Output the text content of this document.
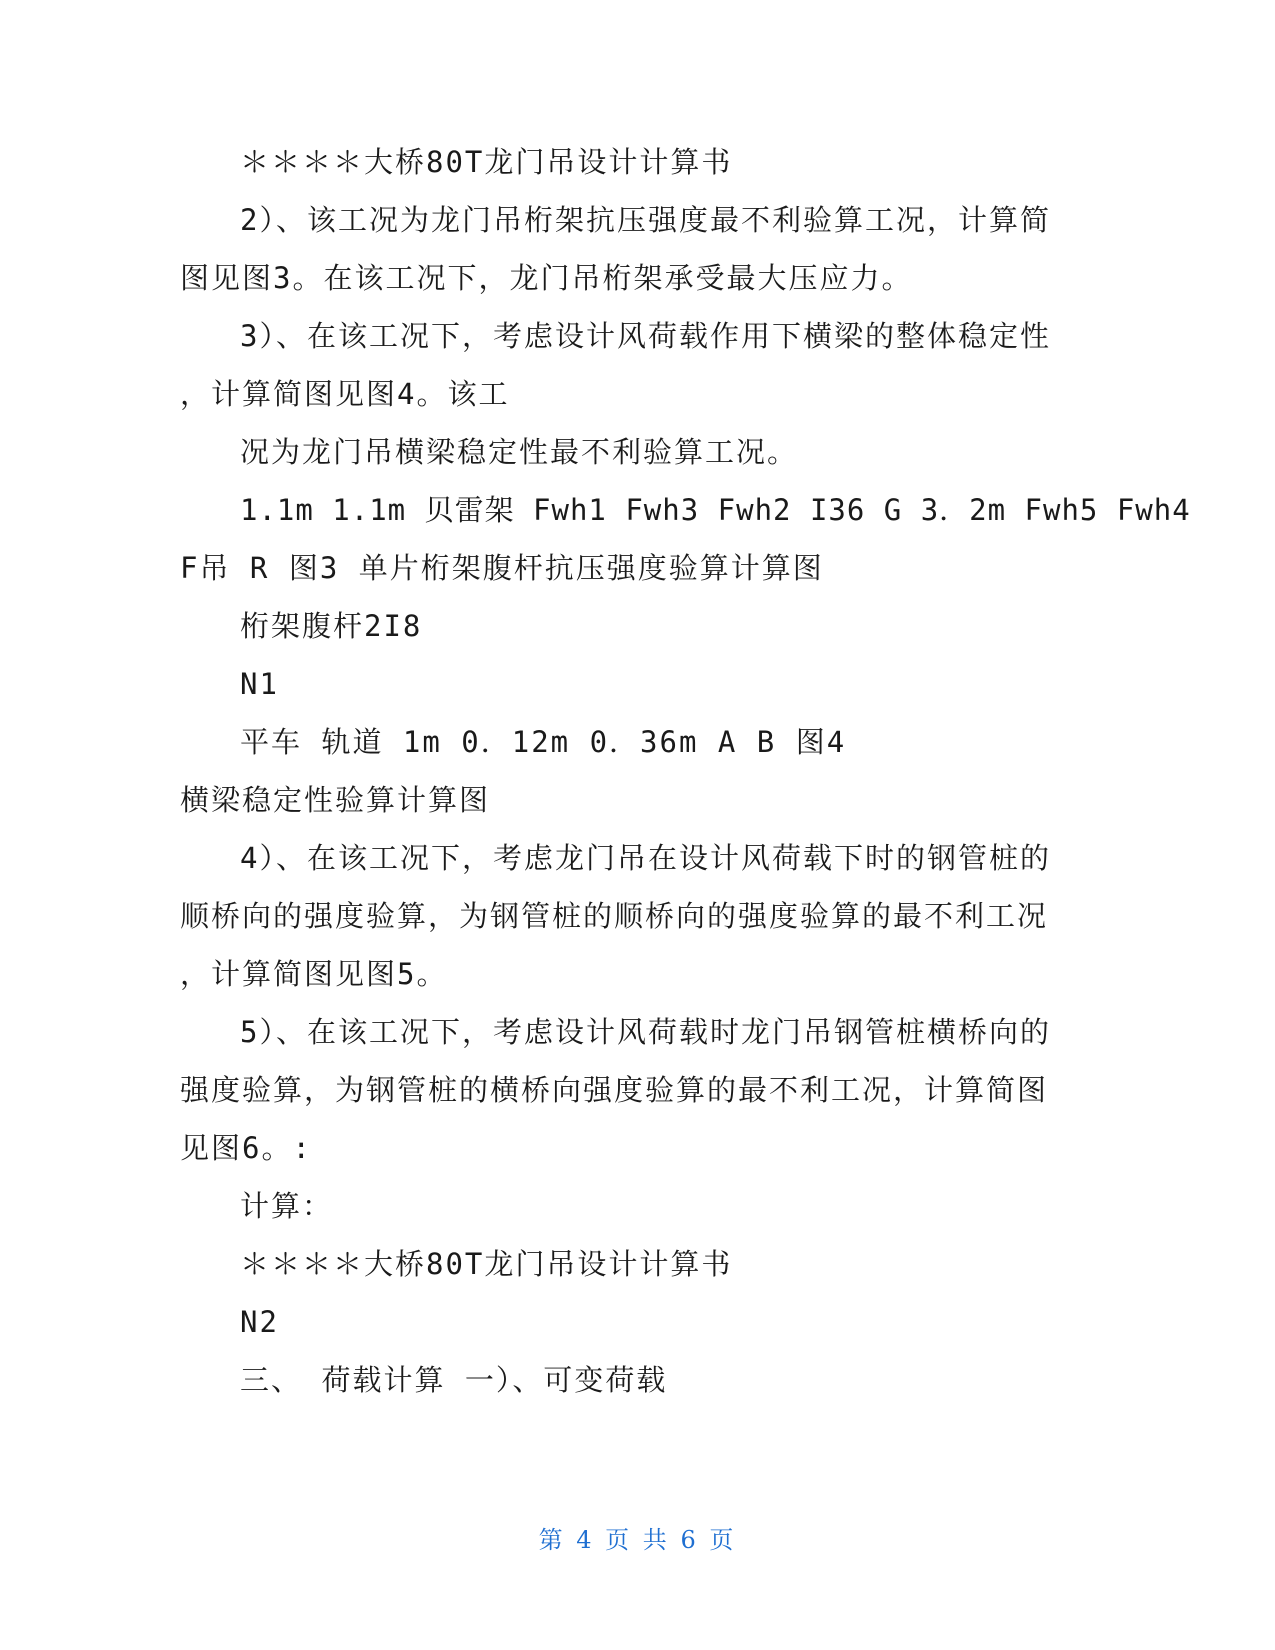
＊＊＊＊大桥80T龙门吊设计计算书
2）、该工况为龙门吊桁架抗压强度最不利验算工况，计算简
图见图3。在该工况下，龙门吊桁架承受最大压应力。
3）、在该工况下，考虑设计风荷载作用下横梁的整体稳定性
，计算简图见图4。该工
况为龙门吊横梁稳定性最不利验算工况。
1.1m 1.1m 贝雷架 Fwh1 Fwh3 Fwh2 I36 G 3．2m Fwh5 Fwh4
F吊 R 图3 单片桁架腹杆抗压强度验算计算图
桁架腹杆2I8
N1
平车 轨道 1m 0．12m 0．36m A B 图4
横梁稳定性验算计算图
4）、在该工况下，考虑龙门吊在设计风荷载下时的钢管桩的
顺桥向的强度验算，为钢管桩的顺桥向的强度验算的最不利工况
，计算简图见图5。
5）、在该工况下，考虑设计风荷载时龙门吊钢管桩横桥向的
强度验算，为钢管桩的横桥向强度验算的最不利工况，计算简图
见图6。:
计算：
＊＊＊＊大桥80T龙门吊设计计算书
N2
三、 荷载计算 一）、可变荷载
第 4 页 共 6 页
